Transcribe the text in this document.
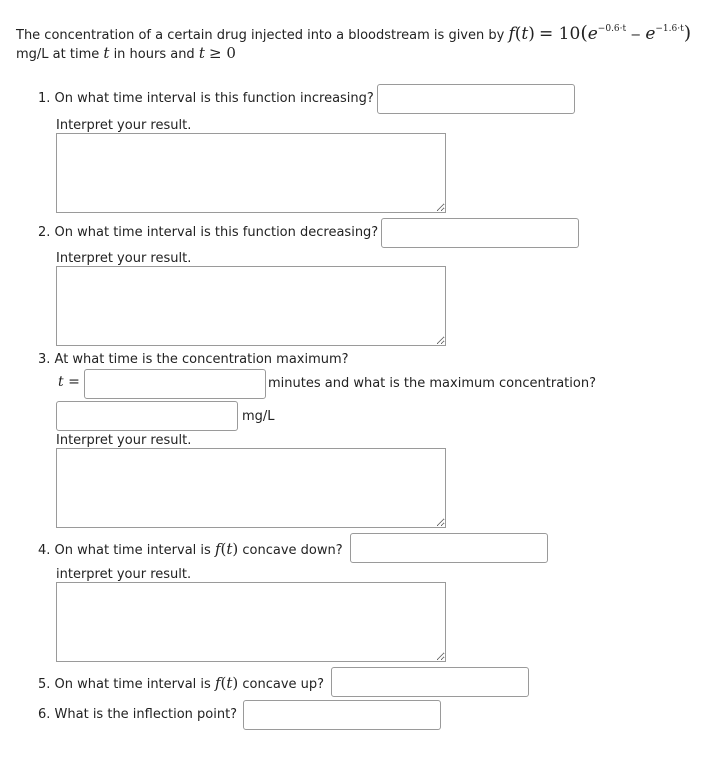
The concentration of a certain drug injected into a bloodstream is given by $f(t) = 10(e^{-0.6\cdot t} - e^{-1.6\cdot t})$
mg/L at time t in hours and t ≥ 0
1. On what time interval is this function increasing?
Interpret your result.
2. On what time interval is this function decreasing?
Interpret your result.
3. At what time is the concentration maximum?
t =	minutes and what is the maximum concentration?
mg/L
Interpret your result.
4. On what time interval is f(t) concave down?
interpret your result.
5. On what time interval is f(t) concave up?
6. What is the inflection point?
